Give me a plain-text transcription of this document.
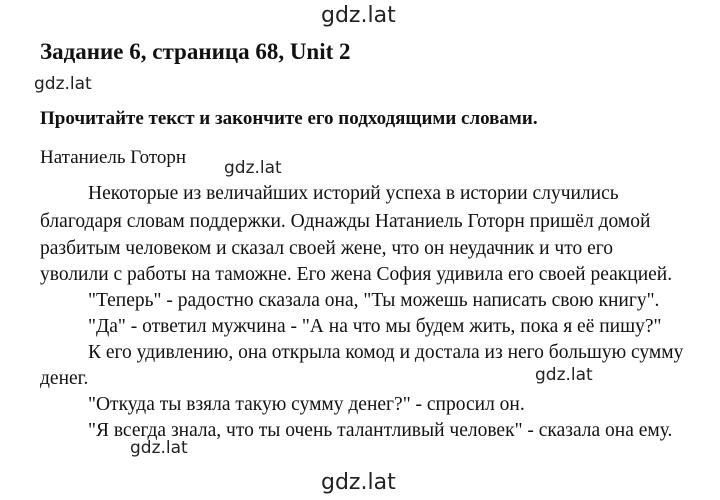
gdz.lat
gdz.lat
gdz.lat
gdz.lat
gdz.lat
gdz.lat
Задание 6, страница 68, Unit 2
Прочитайте текст и закончите его подходящими словами.
Натаниель Готорн
Некоторые из величайших историй успеха в истории случились
благодаря словам поддержки. Однажды Натаниель Готорн пришёл домой
разбитым человеком и сказал своей жене, что он неудачник и что его
уволили с работы на таможне. Его жена София удивила его своей реакцией.
"Теперь" - радостно сказала она, "Ты можешь написать свою книгу".
"Да" - ответил мужчина - "А на что мы будем жить, пока я её пишу?"
К его удивлению, она открыла комод и достала из него большую сумму
денег.
"Откуда ты взяла такую сумму денег?" - спросил он.
"Я всегда знала, что ты очень талантливый человек" - сказала она ему.
